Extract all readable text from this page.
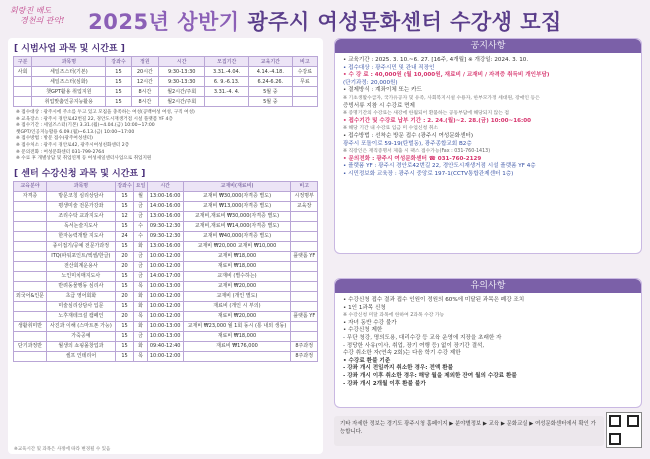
회랑진 배도
경천의 관악!	2025년 상반기 광주시 여성문화센터 수강생 모집
[ 시범사업 과목 및 시간표 ]
구분	과목명	강좌수	정원	시간	모집기간	교육기간	비고
사회	세일즈스터(기본)	15	20시간	9:30-13:30	3.31.-4.04.	4.14.-4.18.	수강료
	세일즈스터(심화)	15	12시간	9:30-13:30	6. 9.-6.13.	6.24-6.26.	무료
	챗GPT활용 취업지원	15	8시간	월2시간/주회	3.31.-4. 4.	5월 중	
	취업맞춤인공지능활용	15	8시간	월2시간/주회		5월 중	
※ 접수대상 : 광주시에 주소를 두고 있고 모집을 충족하는 여성(공백여성 여성, 구직 여성)
※ 교육장소 : 광주시 경안로42번길 22, 경안도시재생거점 시설 플랫폼 YF 4층
※ 접수기간 : 세일즈스터(기본) 3.31.(월)~4.04.(금) 10:00~17:00
챗GPT/인공지능활용 6.09.(월)~6.13.(금) 10:00~17:00
※ 접수방법 : 방문 접수(광주여성센터)
※ 접수처소 : 광주시 경안로42, 광주시여성친화센터 2층
※ 문의전화 : 여성문화센터 031-799-2764
※ 수료 후 개별상담 및 취업연계 등 여성새일센터사업으로 취업지원
[ 센터 수강신청 과목 및 시간표 ]
교육분야	과목명	강좌수	요일	시간	교재비(재료비)	비고
자격증	방문코칭 심리상담사	15	월	13:00-16:00	교재비 ₩30,000(자격증 별도)	시정명부
	평생미술 전문가강좌	15	금	14:00-16:00	교재비 ₩13,000(자격증 별도)	교육장
	조리수탁 교과지도사	12	금	13:00-16:00	교재비,재료비 ₩30,000(자격증 별도)	
	독서논술지도사	15	수	09:30-12:30	교재비,재료비 ₩14,000(자격증 별도)	
	한자능력개발 지도사	24	수	09:30-12:30	교재비 ₩40,000(자격증 별도)	
	종이접기/공예 전문가과정	15	화	13:00-16:00	교재비 ₩20,000 교재비 ₩10,000	
	ITQ(파워포인트/엑셀/한글)	20	금	10:00-12:00	교재비 ₩18,000	플랫폼 YF
	전산회계운용사	20	금	10:00-12:00	재료비 ₩18,000	
	노인미치매지도사	15	금	14:00-17:00	교재비 (별수하는)	
	반려동물행동 심리사	15	목	10:00-13:00	교재비 ₩20,000	
외국어&인문	초급 영어회화	20	화	10:00-12:00	교재비 (개인 별도)	
	미술심리상담사 입문	15	화	10:00-12:00	재료비 (개인 시 부의)	
	노후재테크설 캠페인	20	목	10:00-12:00	재료비 ₩20,000	플랫폼 YF
생활취미반	사진과 이해 (스마트폰 가능)	15	화	10:00-13:00	교재비 ₩23,000 월 1회 동시 (통 내외 생동)	
	가죽공예	15	금	10:00-13:00	재료비 ₩18,000	
단기과정반	월생의 쇼핑몰창업과	15	화	09:40-12:40	재료비 ₩176,000	8주과정
	셀프 인테리어	15	목	10:00-12:00		8주과정
※교육시간 및 과목은 사정에 따라 변경될 수 있음
공지사항
• 교육기간 : 2025. 3. 10.~6. 27. [16주, 4개월] ※ 개강일: 2024. 3. 10.
• 접수대상 : 광주시민 및 관내 직장인
• 수 강 료 : 40,000원 (월 10,000원, 재료비 / 교재비 / 자격증 취득비 개인부담)
(단기과정: 20,000원)
• 결제방식 : 계좌이체 또는 카드
※ 기초생활수급자, 국가유공자 및 유족, 사회복지시설 수용자, 한부모가정 세대원, 장애인 등은
증빙서류 지참 시 수강료 면제
※ 증명기간의 수강료는 새강에 한월되어 환불하는 공동부담에 해당되지 않는 점
• 접수기간 및 수강료 납부 기간 : 2. 24.(월)~2. 28.(금) 10:00~16:00
※ 해당 기간 내 수강료 입금 미 수업신청 취소
• 접수방법 : 선착순 방문 접수 (광주시 여성문화센터)
광주시 포돌이로 59-19(탄벌동), 광주종합교회 B2층
※ 직장인은 재직증명서 제출 시 팩스 접수가능(Fax : 031-760-1413)
• 문의전화 : 광주시 여성문화센터 ☎ 031-760-2129
• 플랫폼 YF : 광주시 경안로42번길 22, 경안도시재생거점 시설 플랫폼 YF 4층
• 시민정보화 교육장 : 광주시 중앙로 197-1(CCTV통합관제센터 1층)
유의사항
• 수강신청 접수 결과 접수 인원이 정원의 60%에 미달된 과목은 폐강 조치
• 1인 1과목 신청
※ 수강신청 미달 과목에 한하여 2과목 수강 가능
• 자녀 동반 수강 불가
• 수강신청 제한
- 무단 청강, 명의도용, 대리수강 등 교육 운영에 지장을 초래한 자
- 정당한 사유(이사, 취업, 장기 여행 등) 없이 장기간 결석,
수강 취소한 자(연속 2회)는 다음 학기 수강 제한
• 수강료 환불 기준
- 강좌 개시 전일까지 취소한 경우: 전액 환불
- 강좌 개시 이후 취소한 경우: 해당 월을 제외한 잔여 월의 수강료 환불
- 강좌 개시 2개월 이후 환불 불가
기타 자세한 정보는 경기도 광주시청 홈페이지 ▶ 분야별정보 ▶ 교육 ▶ 문화교실 ▶ 여성문화센터에서 확인 가능합니다.
